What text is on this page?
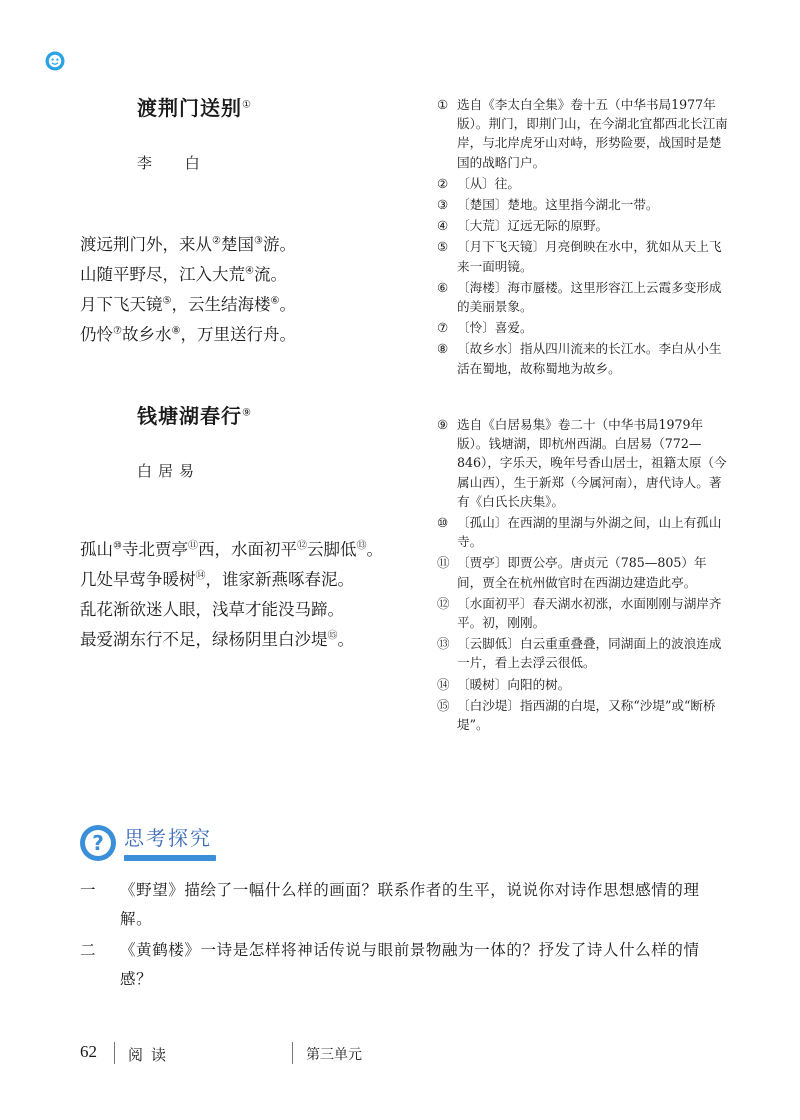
渡荆门送别①
李 白
渡远荆门外，来从②楚国③游。
山随平野尽，江入大荒④流。
月下飞天镜⑤，云生结海楼⑥。
仍怜⑦故乡水⑧，万里送行舟。
钱塘湖春行⑨
白居易
孤山⑩寺北贾亭⑪西，水面初平⑫云脚低⑬。
几处早莺争暖树⑭，谁家新燕啄春泥。
乱花渐欲迷人眼，浅草才能没马蹄。
最爱湖东行不足，绿杨阴里白沙堤⑮。
① 选自《李太白全集》卷十五（中华书局1977年版）。荆门，即荆门山，在今湖北宜都西北长江南岸，与北岸虎牙山对峙，形势险要，战国时是楚国的战略门户。
② 〔从〕往。
③ 〔楚国〕楚地。这里指今湖北一带。
④ 〔大荒〕辽远无际的原野。
⑤ 〔月下飞天镜〕月亮倒映在水中，犹如从天上飞来一面明镜。
⑥ 〔海楼〕海市蜃楼。这里形容江上云霞多变形成的美丽景象。
⑦ 〔怜〕喜爱。
⑧ 〔故乡水〕指从四川流来的长江水。李白从小生活在蜀地，故称蜀地为故乡。
⑨ 选自《白居易集》卷二十（中华书局1979年版）。钱塘湖，即杭州西湖。白居易（772—846），字乐天，晚年号香山居士，祖籍太原（今属山西），生于新郑（今属河南），唐代诗人。著有《白氏长庆集》。
⑩ 〔孤山〕在西湖的里湖与外湖之间，山上有孤山寺。
⑪ 〔贾亭〕即贾公亭。唐贞元（785—805）年间，贾全在杭州做官时在西湖边建造此亭。
⑫ 〔水面初平〕春天湖水初涨，水面刚刚与湖岸齐平。初，刚刚。
⑬ 〔云脚低〕白云重重叠叠，同湖面上的波浪连成一片，看上去浮云很低。
⑭ 〔暖树〕向阳的树。
⑮ 〔白沙堤〕指西湖的白堤，又称“沙堤”或“断桥堤”。
? 思考探究
一	《野望》描绘了一幅什么样的画面？联系作者的生平，说说你对诗作思想感情的理解。
二	《黄鹤楼》一诗是怎样将神话传说与眼前景物融为一体的？抒发了诗人什么样的情感？
62 阅读	第三单元
